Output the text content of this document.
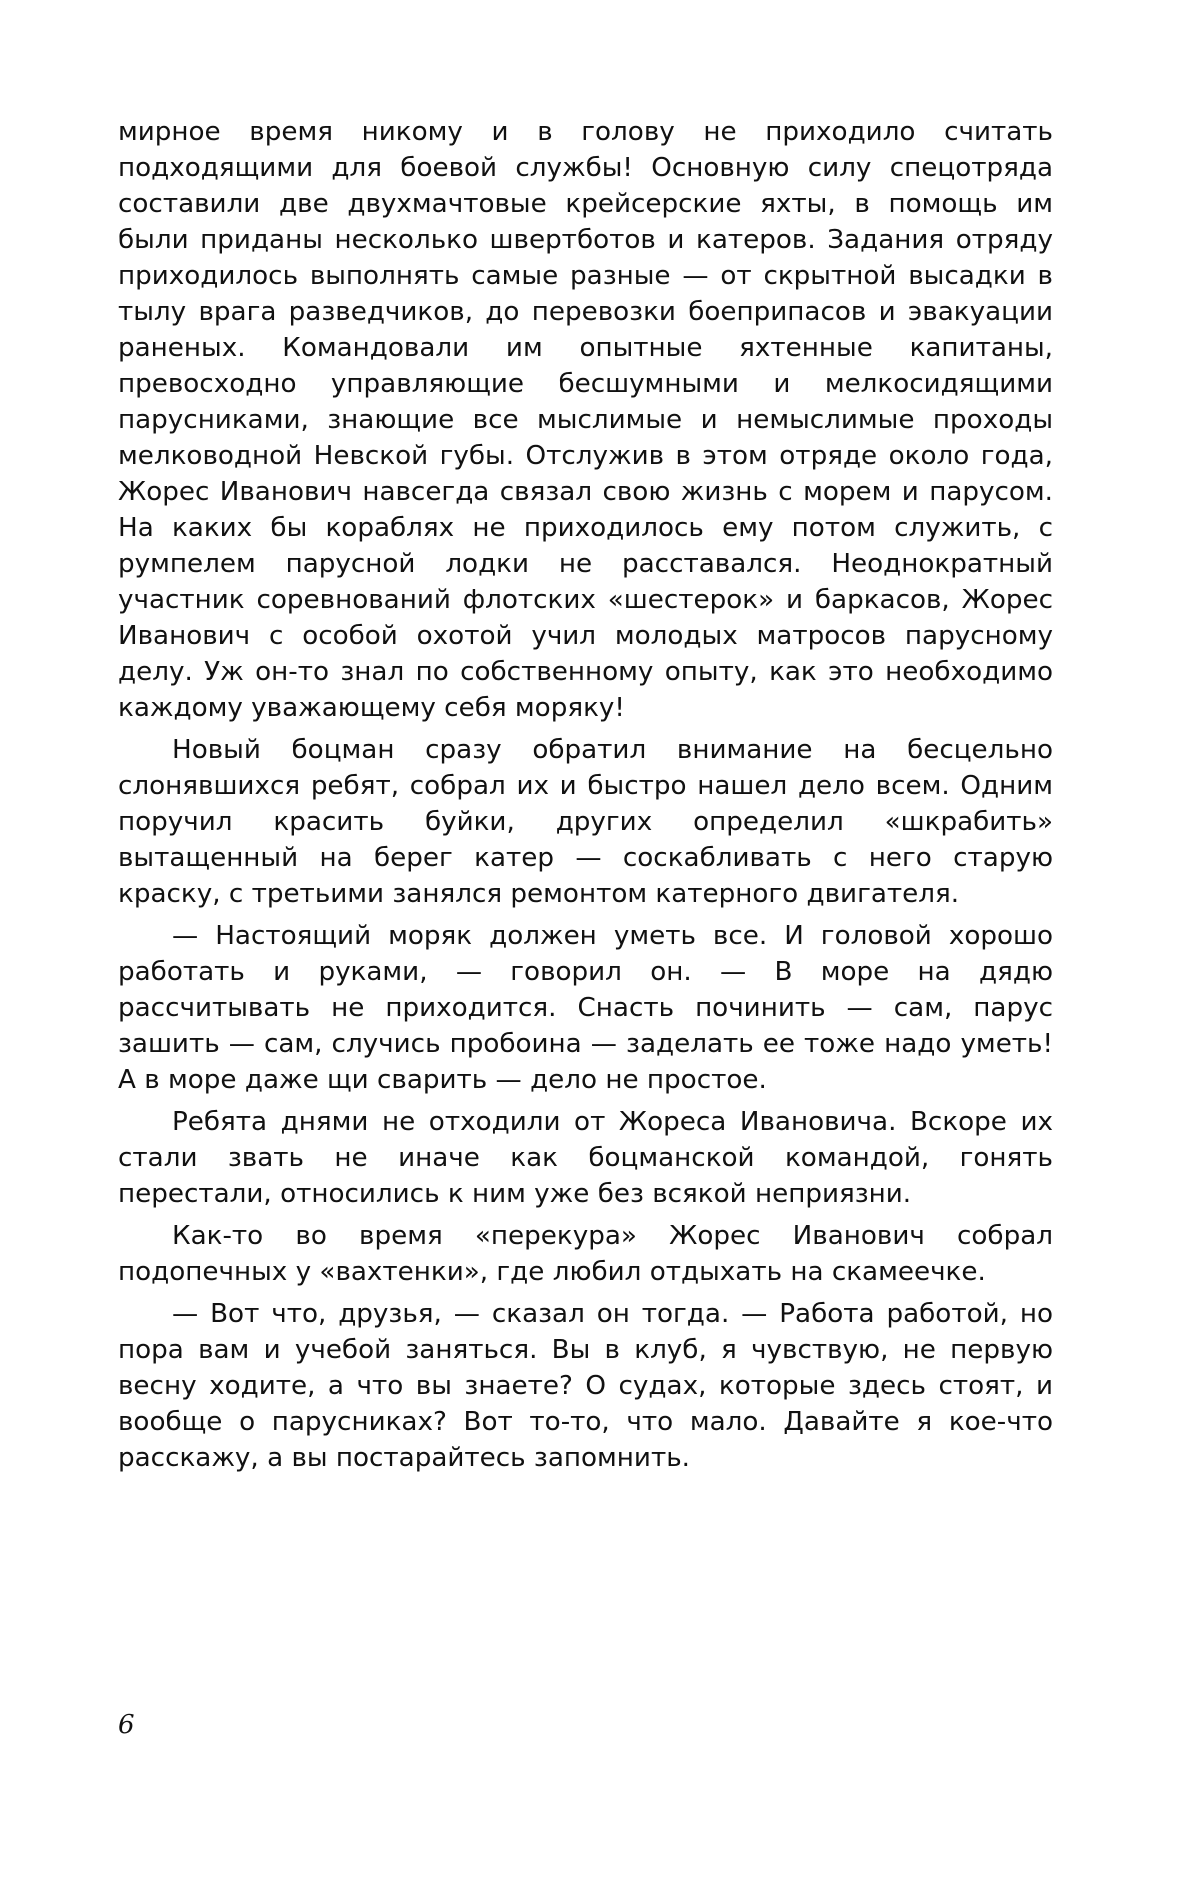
мирное время никому и в голову не приходило считать подходящими для боевой службы! Основную силу спецотряда составили две двухмачтовые крейсерские яхты, в помощь им были приданы несколько швертботов и катеров. Задания отряду приходилось выполнять самые разные — от скрытной высадки в тылу врага разведчиков, до перевозки боеприпасов и эвакуации раненых. Командовали им опытные яхтенные капитаны, превосходно управляющие бесшумными и мелкосидящими парусниками, знающие все мыслимые и немыслимые проходы мелководной Невской губы. Отслужив в этом отряде около года, Жорес Иванович навсегда связал свою жизнь с морем и парусом. На каких бы кораблях не приходилось ему потом служить, с румпелем парусной лодки не расставался. Неоднократный участник соревнований флотских «шестерок» и баркасов, Жорес Иванович с особой охотой учил молодых матросов парусному делу. Уж он-то знал по собственному опыту, как это необходимо каждому уважающему себя моряку!

Новый боцман сразу обратил внимание на бесцельно слонявшихся ребят, собрал их и быстро нашел дело всем. Одним поручил красить буйки, других определил «шкрабить» вытащенный на берег катер — соскабливать с него старую краску, с третьими занялся ремонтом катерного двигателя.

— Настоящий моряк должен уметь все. И головой хорошо работать и руками, — говорил он. — В море на дядю рассчитывать не приходится. Снасть починить — сам, парус зашить — сам, случись пробоина — заделать ее тоже надо уметь! А в море даже щи сварить — дело не простое.

Ребята днями не отходили от Жореса Ивановича. Вскоре их стали звать не иначе как боцманской командой, гонять перестали, относились к ним уже без всякой неприязни.

Как-то во время «перекура» Жорес Иванович собрал подопечных у «вахтенки», где любил отдыхать на скамеечке.

— Вот что, друзья, — сказал он тогда. — Работа работой, но пора вам и учебой заняться. Вы в клуб, я чувствую, не первую весну ходите, а что вы знаете? О судах, которые здесь стоят, и вообще о парусниках? Вот то-то, что мало. Давайте я кое-что расскажу, а вы постарайтесь запомнить.

6
